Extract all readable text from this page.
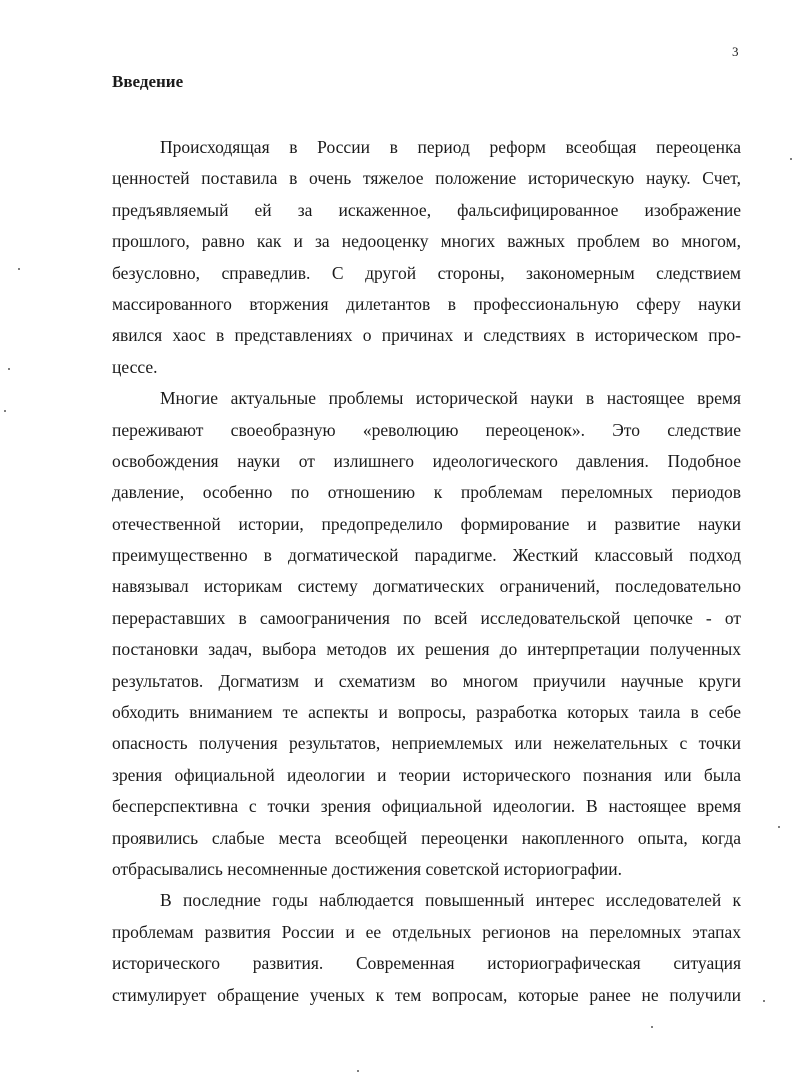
3
Введение
Происходящая в России в период реформ всеобщая переоценка
ценностей поставила в очень тяжелое положение историческую науку. Счет,
предъявляемый ей за искаженное, фальсифицированное изображение
прошлого, равно как и за недооценку многих важных проблем во многом,
безусловно, справедлив. С другой стороны, закономерным следствием
массированного вторжения дилетантов в профессиональную сферу науки
явился хаос в представлениях о причинах и следствиях в историческом про-
цессе.
Многие актуальные проблемы исторической науки в настоящее время
переживают своеобразную «революцию переоценок». Это следствие
освобождения науки от излишнего идеологического давления. Подобное
давление, особенно по отношению к проблемам переломных периодов
отечественной истории, предопределило формирование и развитие науки
преимущественно в догматической парадигме. Жесткий классовый подход
навязывал историкам систему догматических ограничений, последовательно
перераставших в самоограничения по всей исследовательской цепочке - от
постановки задач, выбора методов их решения до интерпретации полученных
результатов. Догматизм и схематизм во многом приучили научные круги
обходить вниманием те аспекты и вопросы, разработка которых таила в себе
опасность получения результатов, неприемлемых или нежелательных с точки
зрения официальной идеологии и теории исторического познания или была
бесперспективна с точки зрения официальной идеологии. В настоящее время
проявились слабые места всеобщей переоценки накопленного опыта, когда
отбрасывались несомненные достижения советской историографии.
В последние годы наблюдается повышенный интерес исследователей к
проблемам развития России и ее отдельных регионов на переломных этапах
исторического развития. Современная историографическая ситуация
стимулирует обращение ученых к тем вопросам, которые ранее не получили
